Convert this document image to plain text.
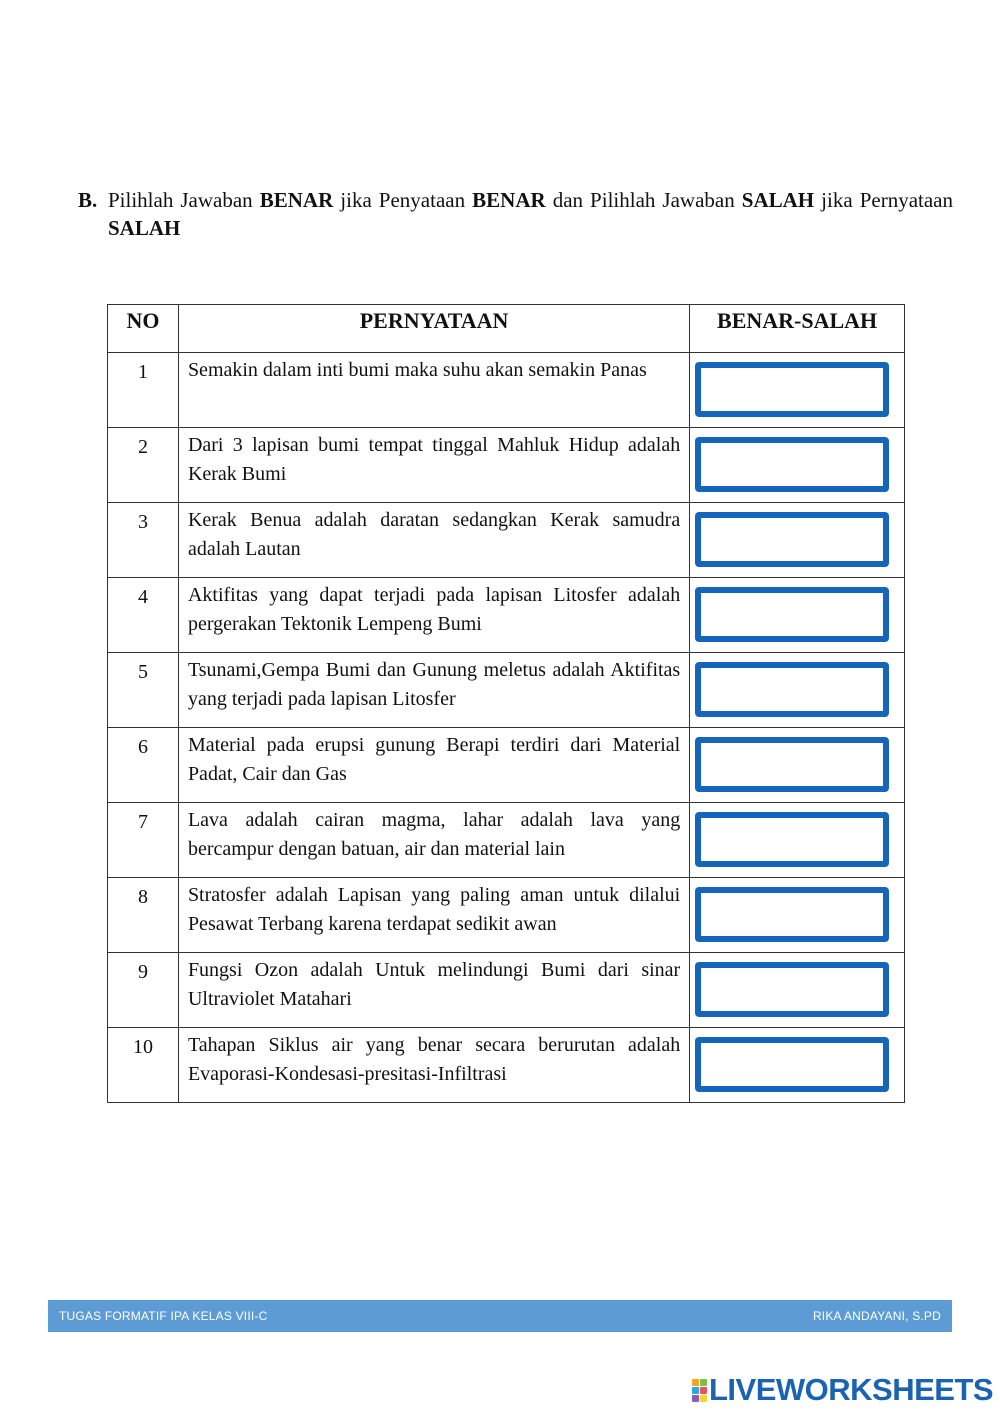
B. Pilihlah Jawaban BENAR jika Penyataan BENAR dan Pilihlah Jawaban SALAH jika Pernyataan SALAH
NO	PERNYATAAN	BENAR-SALAH
1	Semakin dalam inti bumi maka suhu akan semakin Panas	

2	Dari 3 lapisan bumi tempat tinggal Mahluk Hidup adalah Kerak Bumi	

3	Kerak Benua adalah daratan sedangkan Kerak samudra adalah Lautan	

4	Aktifitas yang dapat terjadi pada lapisan Litosfer adalah pergerakan Tektonik Lempeng Bumi	

5	Tsunami,Gempa Bumi dan Gunung meletus adalah Aktifitas yang terjadi pada lapisan Litosfer	

6	Material pada erupsi gunung Berapi terdiri dari Material Padat, Cair dan Gas	

7	Lava adalah cairan magma, lahar adalah lava yang bercampur dengan batuan, air dan material lain	

8	Stratosfer adalah Lapisan yang paling aman untuk dilalui Pesawat Terbang karena terdapat sedikit awan	

9	Fungsi Ozon adalah Untuk melindungi Bumi dari sinar Ultraviolet Matahari	

10	Tahapan Siklus air yang benar secara berurutan adalah Evaporasi-Kondesasi-presitasi-Infiltrasi	
TUGAS FORMATIF IPA KELAS VIII-C	RIKA ANDAYANI, S.PD
LIVEWORKSHEETS
